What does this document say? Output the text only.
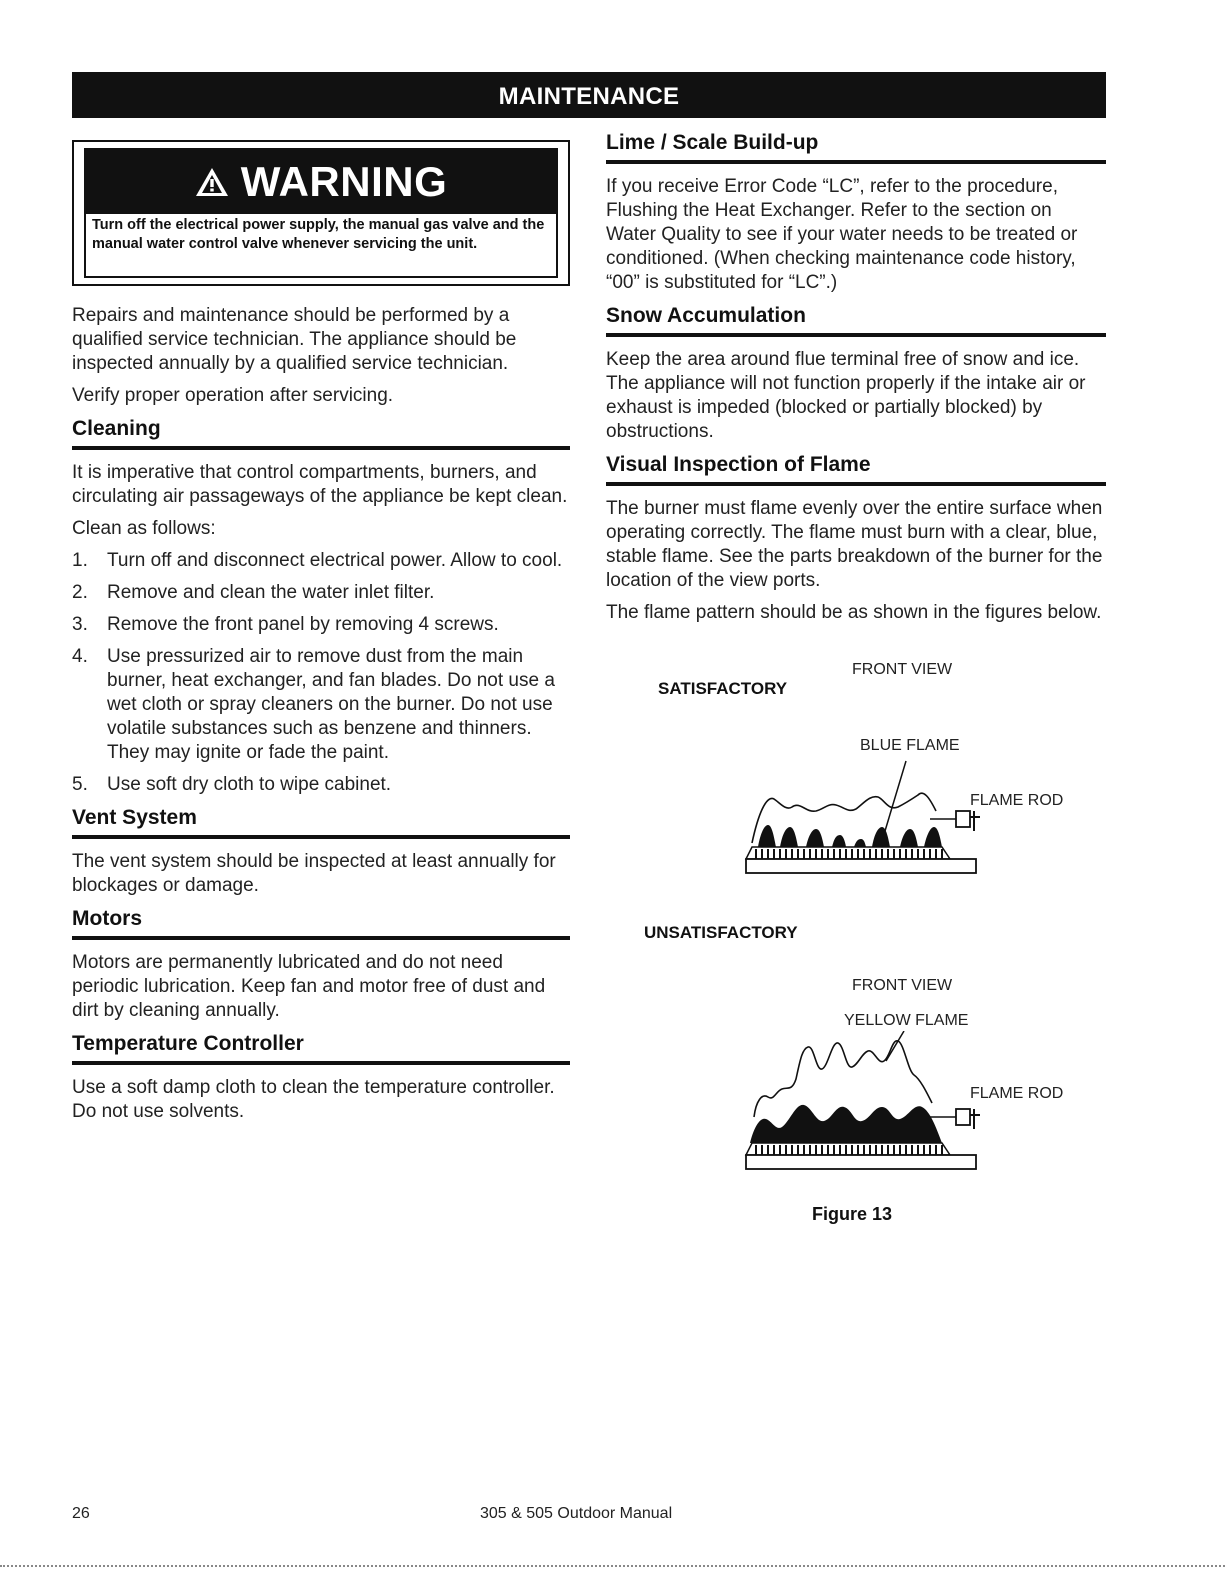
MAINTENANCE
WARNING
Turn off the electrical power supply, the manual gas valve and the manual water control valve whenever servicing the unit.

Repairs and maintenance should be performed by a qualified service technician. The appliance should be inspected annually by a qualified service technician.

Verify proper operation after servicing.

Cleaning

It is imperative that control compartments, burners, and circulating air passageways of the appliance be kept clean.

Clean as follows:

1. Turn off and disconnect electrical power. Allow to cool.
2. Remove and clean the water inlet filter.
3. Remove the front panel by removing 4 screws.
4. Use pressurized air to remove dust from the main burner, heat exchanger, and fan blades. Do not use a wet cloth or spray cleaners on the burner. Do not use volatile substances such as benzene and thinners. They may ignite or fade the paint.
5. Use soft dry cloth to wipe cabinet.
Vent System

The vent system should be inspected at least annually for blockages or damage.

Motors

Motors are permanently lubricated and do not need periodic lubrication. Keep fan and motor free of dust and dirt by cleaning annually.

Temperature Controller

Use a soft damp cloth to clean the temperature controller. Do not use solvents.

Lime / Scale Build-up

If you receive Error Code “LC”, refer to the procedure, Flushing the Heat Exchanger. Refer to the section on Water Quality to see if your water needs to be treated or conditioned. (When checking maintenance code history, “00” is substituted for “LC”.)

Snow Accumulation

Keep the area around flue terminal free of snow and ice. The appliance will not function properly if the intake air or exhaust is impeded (blocked or partially blocked) by obstructions.

Visual Inspection of Flame

The burner must flame evenly over the entire surface when operating correctly. The flame must burn with a clear, blue, stable flame. See the parts breakdown of the burner for the location of the view ports.

The flame pattern should be as shown in the figures below.

FRONT VIEW
SATISFACTORY
BLUE FLAME
FLAME ROD
UNSATISFACTORY
FRONT VIEW
YELLOW FLAME
FLAME ROD
Figure 13
26	305 & 505 Outdoor Manual
